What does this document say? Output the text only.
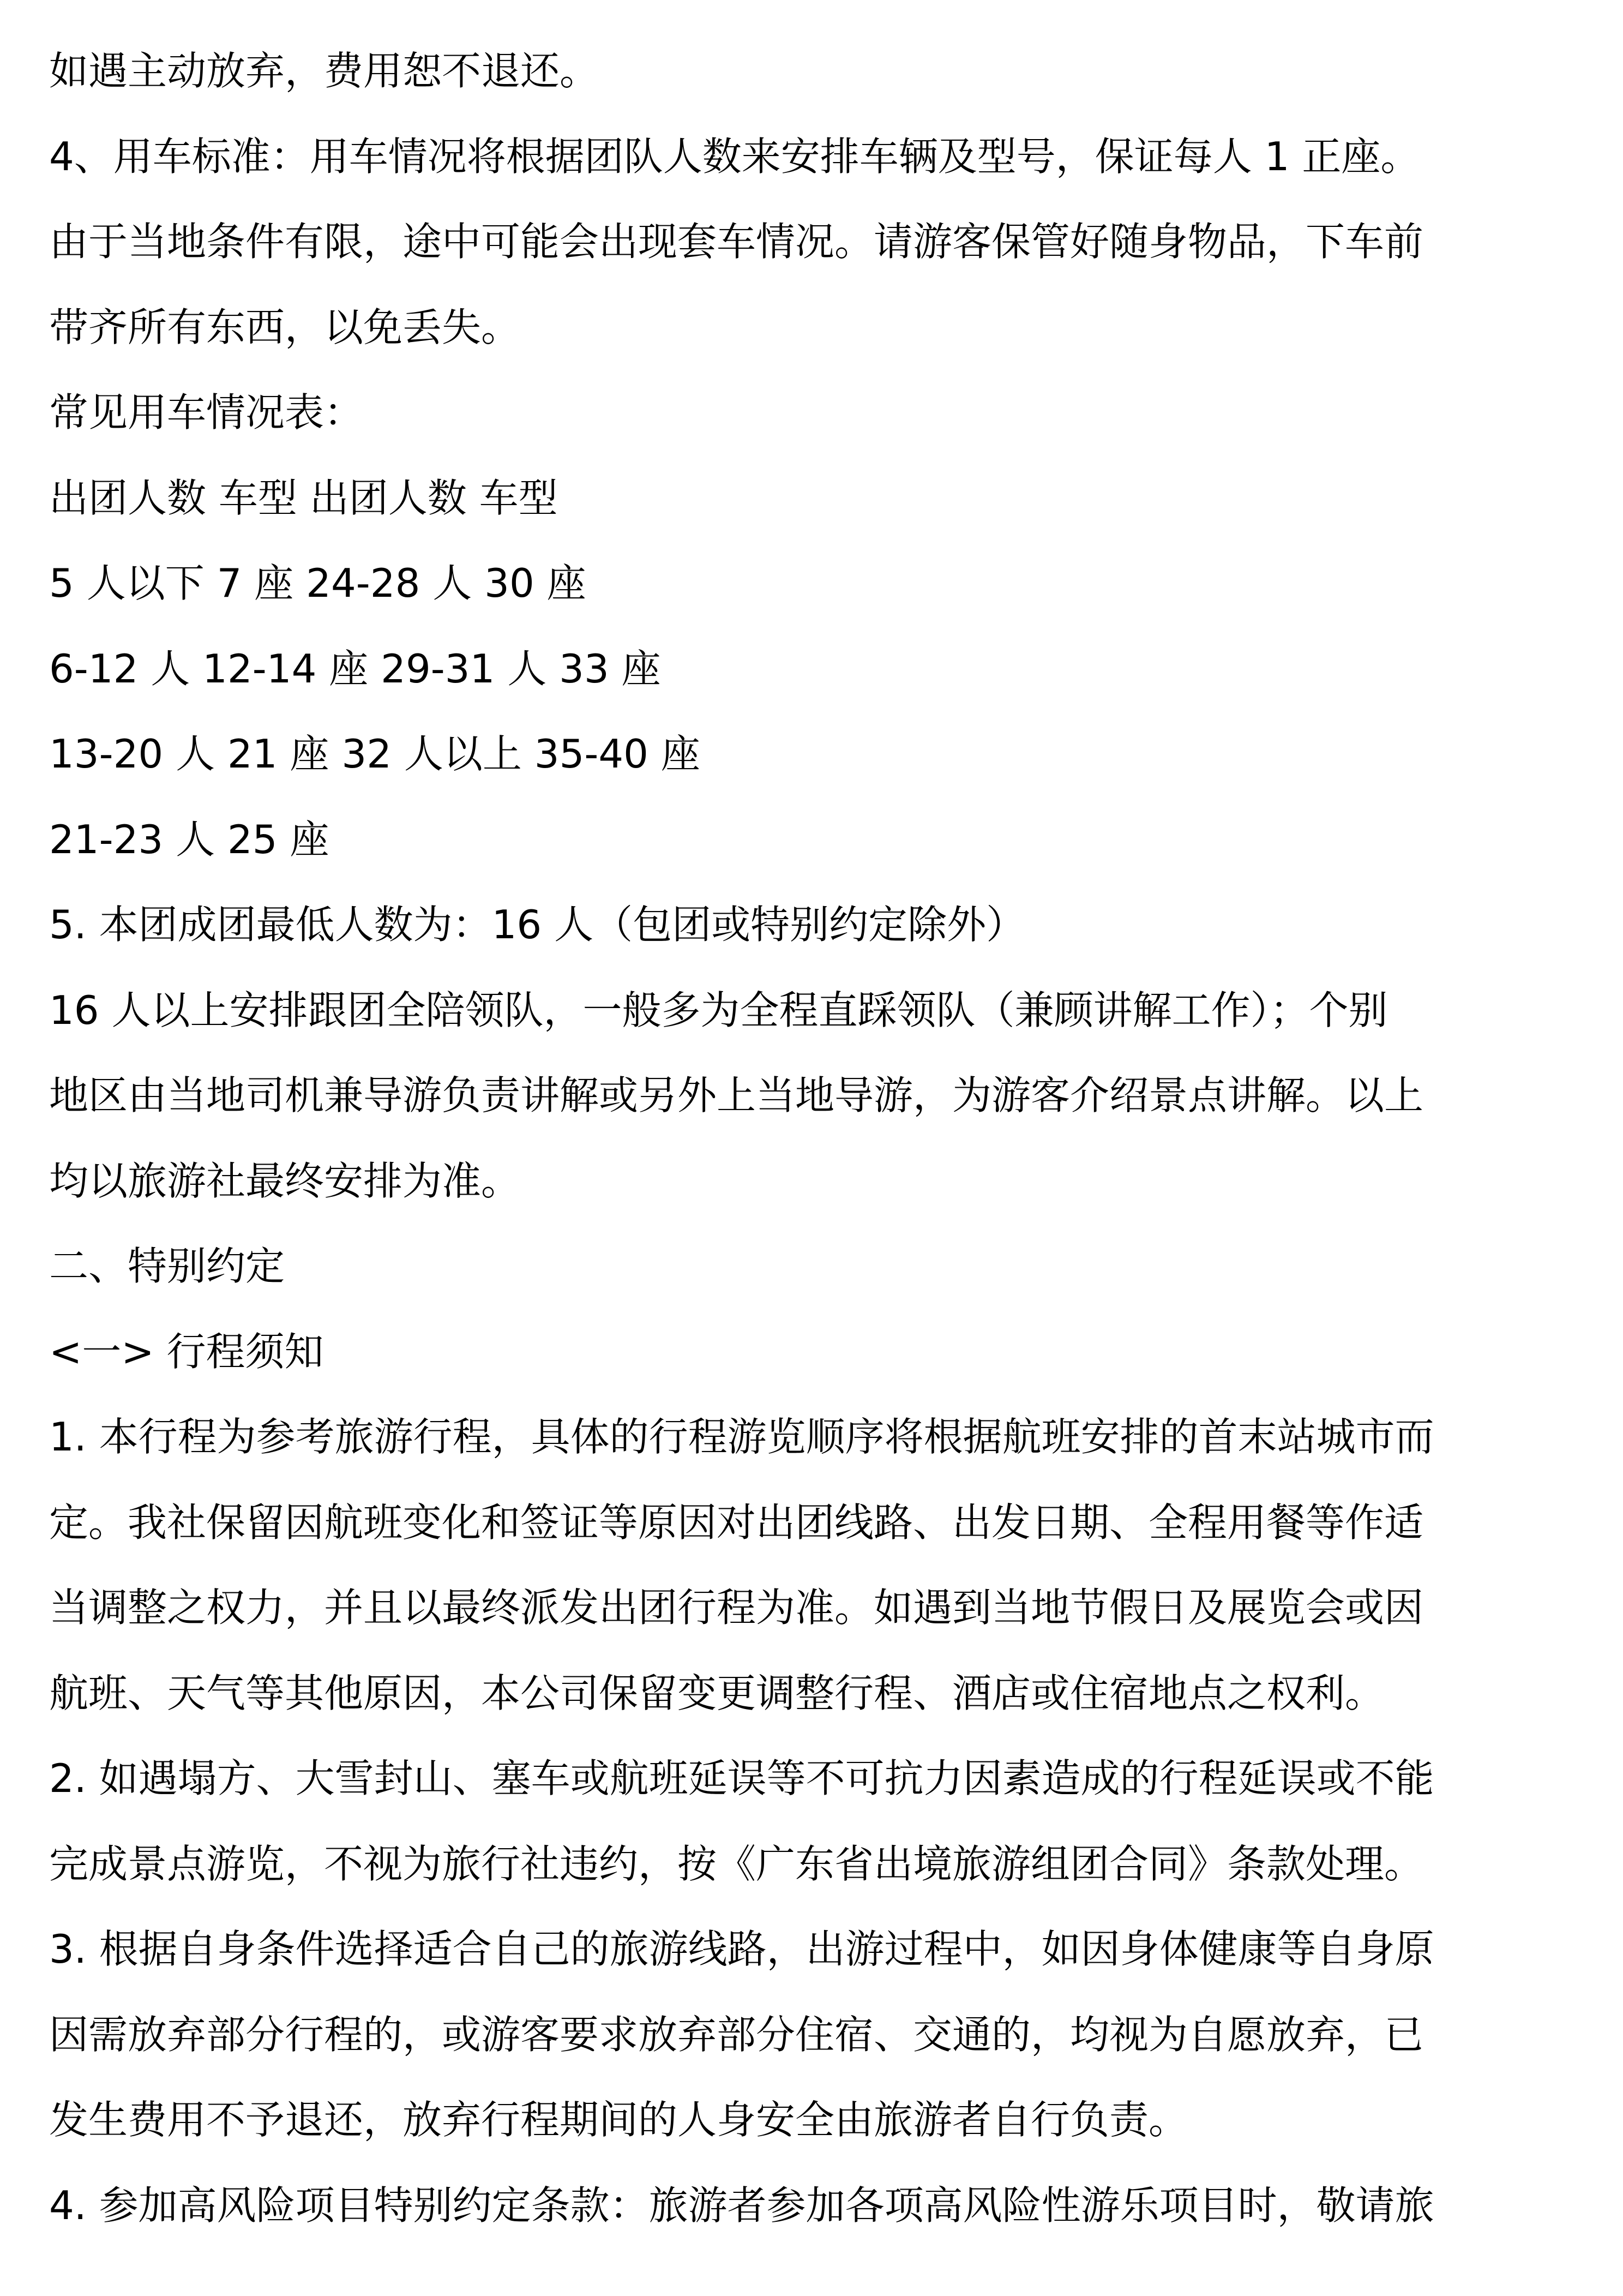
如遇主动放弃，费用恕不退还。
4、用车标准：用车情况将根据团队人数来安排车辆及型号，保证每人 1 正座。
由于当地条件有限，途中可能会出现套车情况。请游客保管好随身物品，下车前
带齐所有东西，以免丢失。
常见用车情况表：
出团人数 车型 出团人数 车型
5 人以下 7 座 24-28 人 30 座
6-12 人 12-14 座 29-31 人 33 座
13-20 人 21 座 32 人以上 35-40 座
21-23 人 25 座
5. 本团成团最低人数为：16 人（包团或特别约定除外）
16 人以上安排跟团全陪领队，一般多为全程直踩领队（兼顾讲解工作）；个别
地区由当地司机兼导游负责讲解或另外上当地导游，为游客介绍景点讲解。以上
均以旅游社最终安排为准。
二、特别约定
<一> 行程须知
1. 本行程为参考旅游行程，具体的行程游览顺序将根据航班安排的首末站城市而
定。我社保留因航班变化和签证等原因对出团线路、出发日期、全程用餐等作适
当调整之权力，并且以最终派发出团行程为准。如遇到当地节假日及展览会或因
航班、天气等其他原因，本公司保留变更调整行程、酒店或住宿地点之权利。
2. 如遇塌方、大雪封山、塞车或航班延误等不可抗力因素造成的行程延误或不能
完成景点游览，不视为旅行社违约，按《广东省出境旅游组团合同》条款处理。
3. 根据自身条件选择适合自己的旅游线路，出游过程中，如因身体健康等自身原
因需放弃部分行程的，或游客要求放弃部分住宿、交通的，均视为自愿放弃，已
发生费用不予退还，放弃行程期间的人身安全由旅游者自行负责。
4. 参加高风险项目特别约定条款：旅游者参加各项高风险性游乐项目时，敬请旅
